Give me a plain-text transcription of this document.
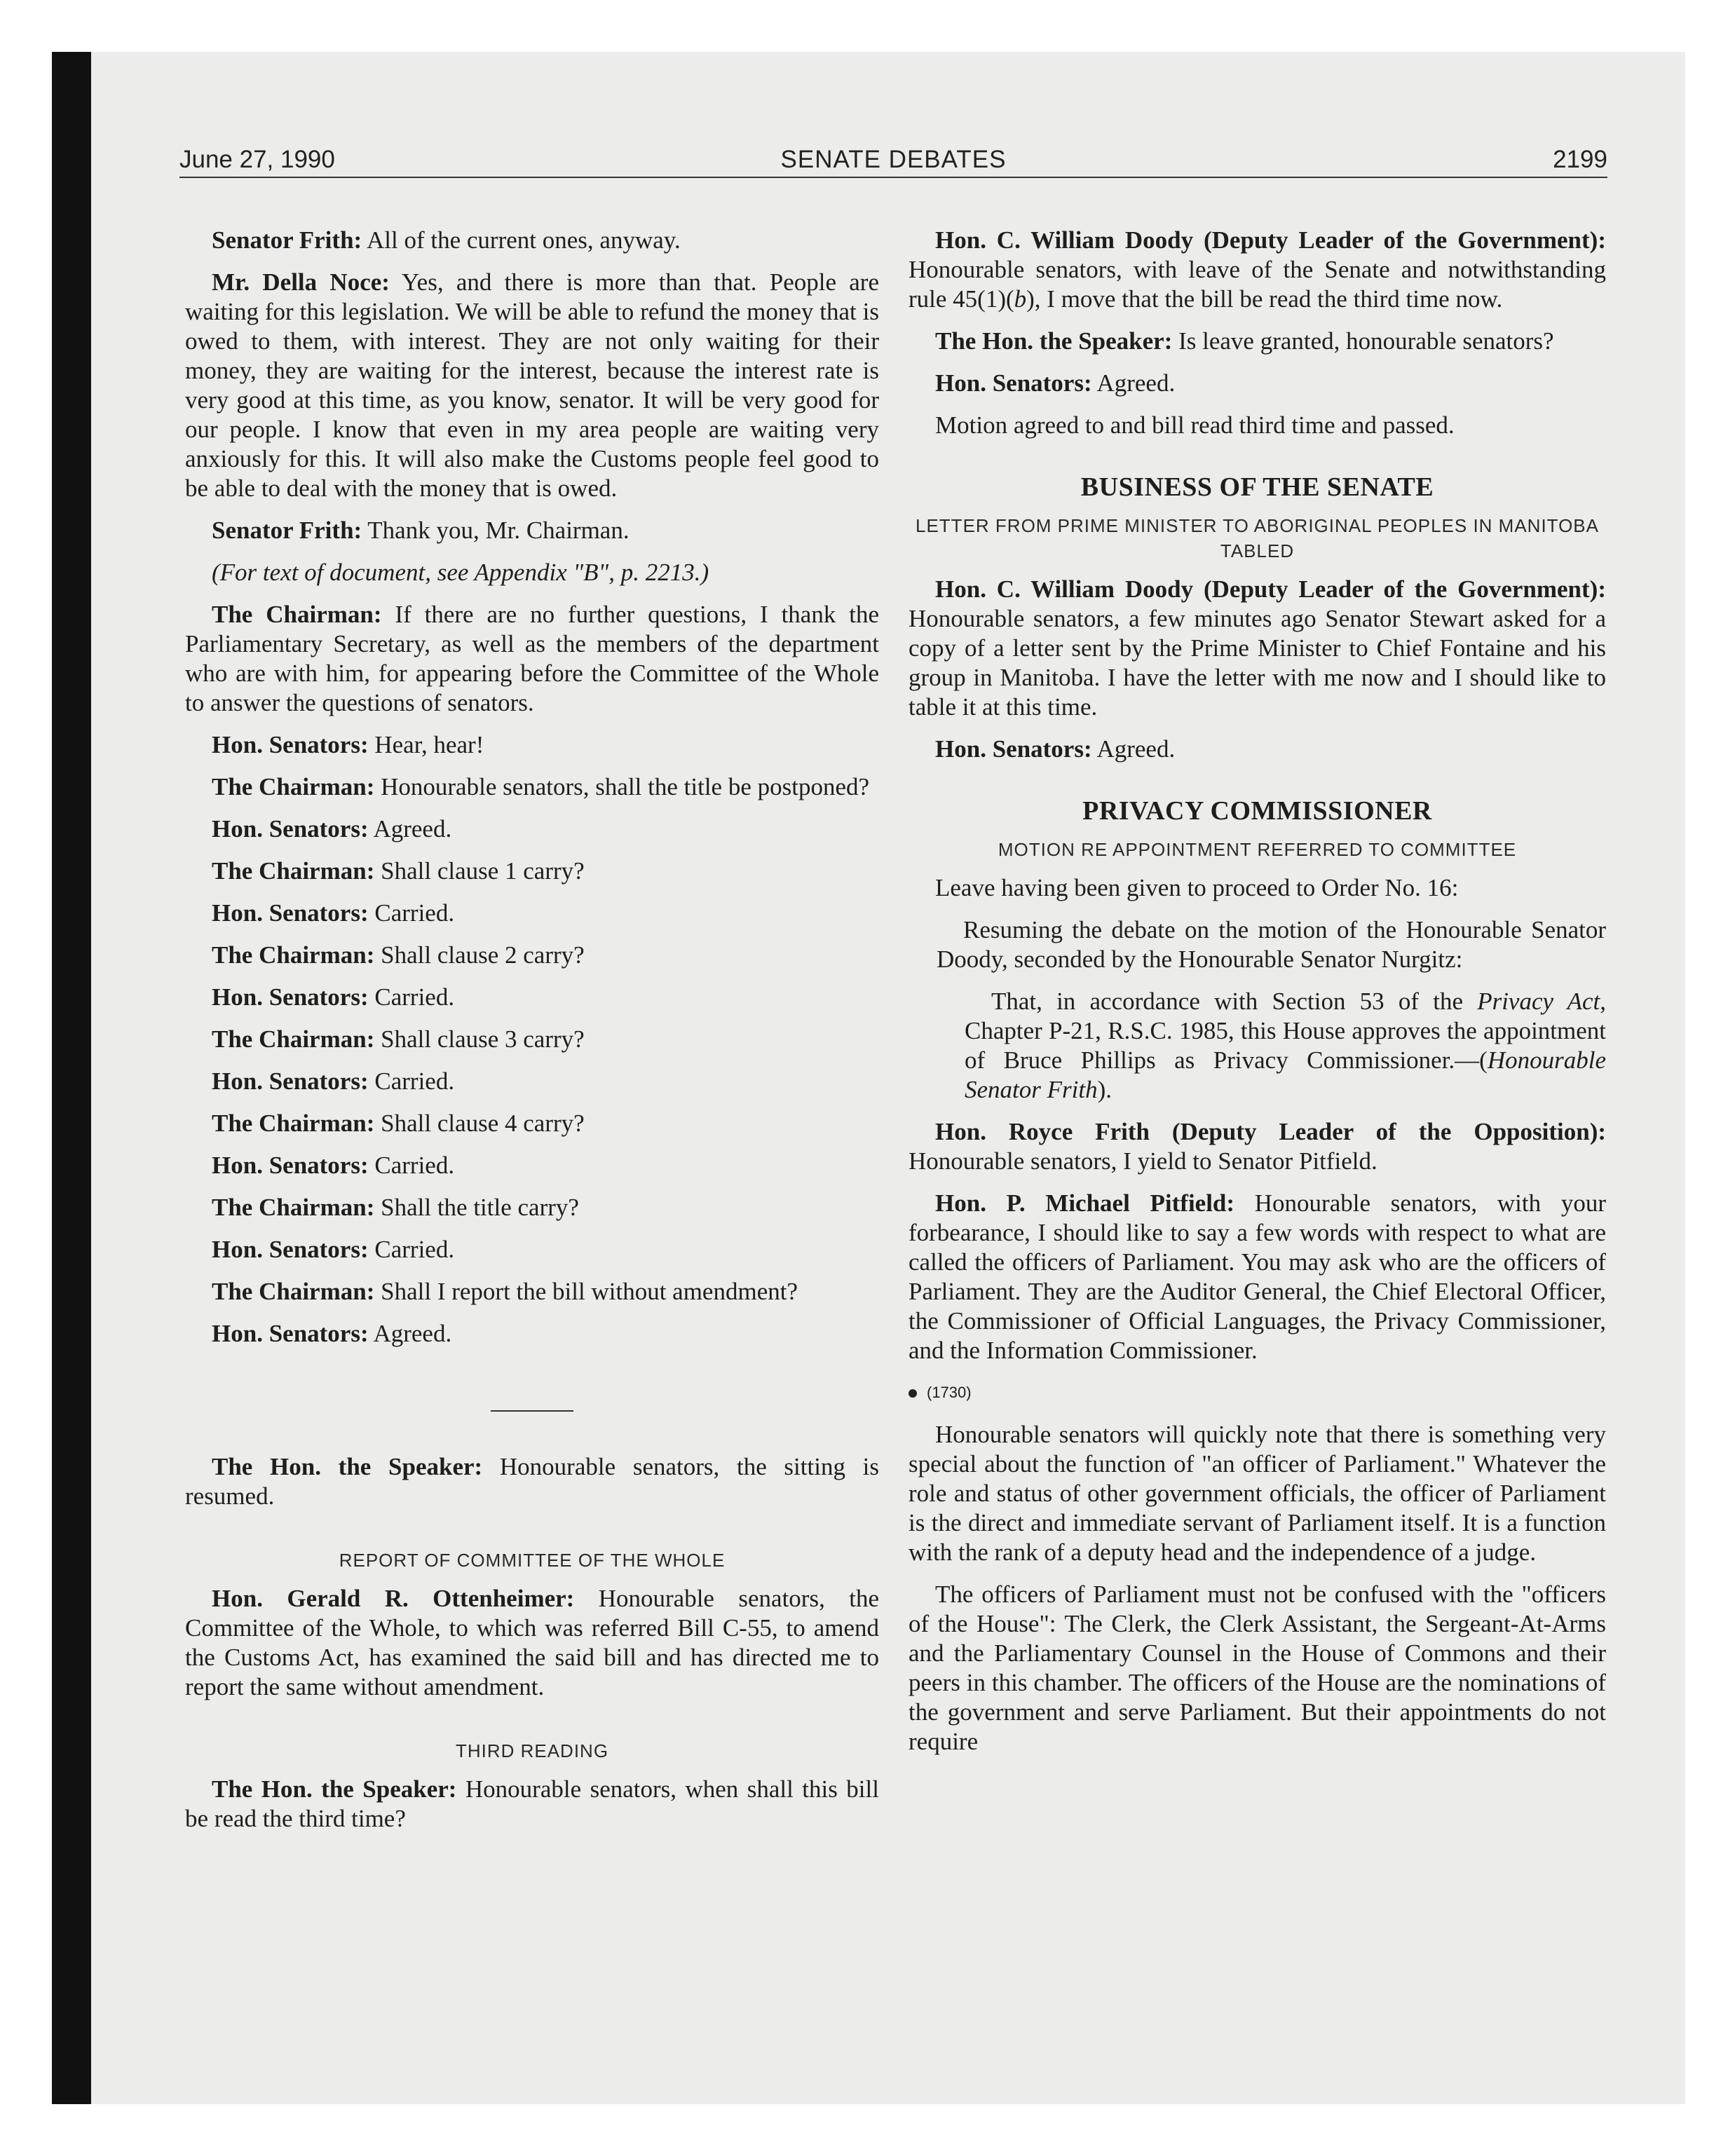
June 27, 1990	SENATE DEBATES	2199

Senator Frith: All of the current ones, anyway.

Mr. Della Noce: Yes, and there is more than that. People are waiting for this legislation. We will be able to refund the money that is owed to them, with interest. They are not only waiting for their money, they are waiting for the interest, because the interest rate is very good at this time, as you know, senator. It will be very good for our people. I know that even in my area people are waiting very anxiously for this. It will also make the Customs people feel good to be able to deal with the money that is owed.

Senator Frith: Thank you, Mr. Chairman.

(For text of document, see Appendix "B", p. 2213.)

The Chairman: If there are no further questions, I thank the Parliamentary Secretary, as well as the members of the department who are with him, for appearing before the Committee of the Whole to answer the questions of senators.

Hon. Senators: Hear, hear!

The Chairman: Honourable senators, shall the title be postponed?

Hon. Senators: Agreed.

The Chairman: Shall clause 1 carry?

Hon. Senators: Carried.

The Chairman: Shall clause 2 carry?

Hon. Senators: Carried.

The Chairman: Shall clause 3 carry?

Hon. Senators: Carried.

The Chairman: Shall clause 4 carry?

Hon. Senators: Carried.

The Chairman: Shall the title carry?

Hon. Senators: Carried.

The Chairman: Shall I report the bill without amendment?

Hon. Senators: Agreed.

The Hon. the Speaker: Honourable senators, the sitting is resumed.

REPORT OF COMMITTEE OF THE WHOLE

Hon. Gerald R. Ottenheimer: Honourable senators, the Committee of the Whole, to which was referred Bill C-55, to amend the Customs Act, has examined the said bill and has directed me to report the same without amendment.

THIRD READING

The Hon. the Speaker: Honourable senators, when shall this bill be read the third time?

Hon. C. William Doody (Deputy Leader of the Government): Honourable senators, with leave of the Senate and notwithstanding rule 45(1)(b), I move that the bill be read the third time now.

The Hon. the Speaker: Is leave granted, honourable senators?

Hon. Senators: Agreed.

Motion agreed to and bill read third time and passed.

BUSINESS OF THE SENATE
LETTER FROM PRIME MINISTER TO ABORIGINAL PEOPLES IN MANITOBA TABLED

Hon. C. William Doody (Deputy Leader of the Government): Honourable senators, a few minutes ago Senator Stewart asked for a copy of a letter sent by the Prime Minister to Chief Fontaine and his group in Manitoba. I have the letter with me now and I should like to table it at this time.

Hon. Senators: Agreed.

PRIVACY COMMISSIONER
MOTION RE APPOINTMENT REFERRED TO COMMITTEE

Leave having been given to proceed to Order No. 16:

Resuming the debate on the motion of the Honourable Senator Doody, seconded by the Honourable Senator Nurgitz:

That, in accordance with Section 53 of the Privacy Act, Chapter P-21, R.S.C. 1985, this House approves the appointment of Bruce Phillips as Privacy Commissioner.—(Honourable Senator Frith).

Hon. Royce Frith (Deputy Leader of the Opposition): Honourable senators, I yield to Senator Pitfield.

Hon. P. Michael Pitfield: Honourable senators, with your forbearance, I should like to say a few words with respect to what are called the officers of Parliament. You may ask who are the officers of Parliament. They are the Auditor General, the Chief Electoral Officer, the Commissioner of Official Languages, the Privacy Commissioner, and the Information Commissioner.

(1730)

Honourable senators will quickly note that there is something very special about the function of "an officer of Parliament." Whatever the role and status of other government officials, the officer of Parliament is the direct and immediate servant of Parliament itself. It is a function with the rank of a deputy head and the independence of a judge.

The officers of Parliament must not be confused with the "officers of the House": The Clerk, the Clerk Assistant, the Sergeant-At-Arms and the Parliamentary Counsel in the House of Commons and their peers in this chamber. The officers of the House are the nominations of the government and serve Parliament. But their appointments do not require
